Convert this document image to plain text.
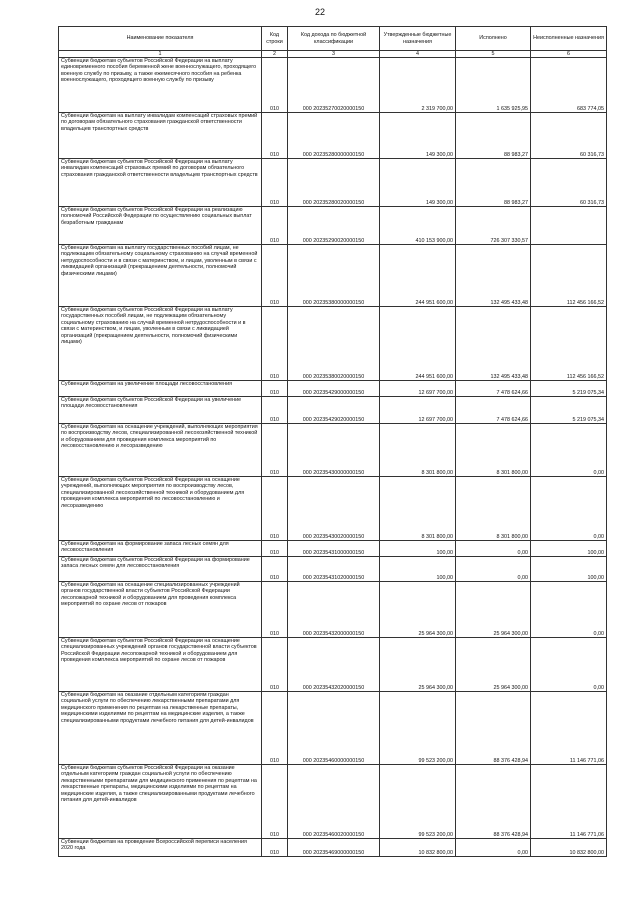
22
Наименование показателя	Код строки	Код дохода по бюджетной классификации	Утвержденные бюджетные назначения	Исполнено	Неисполненные назначения
1	2	3	4	5	6
Субвенции бюджетам субъектов Российской Федерации на выплату единовременного пособия беременной жене военнослужащего, проходящего военную службу по призыву, а также ежемесячного пособия на ребенка военнослужащего, проходящего военную службу по призыву	010	000 20235270020000150	2 319 700,00	1 635 925,95	683 774,05
Субвенции бюджетам на выплату инвалидам компенсаций страховых премий по договорам обязательного страхования гражданской ответственности владельцев транспортных средств	010	000 20235280000000150	149 300,00	88 983,27	60 316,73
Субвенции бюджетам субъектов Российской Федерации на выплату инвалидам компенсаций страховых премий по договорам обязательного страхования гражданской ответственности владельцев транспортных средств	010	000 20235280020000150	149 300,00	88 983,27	60 316,73
Субвенции бюджетам субъектов Российской Федерации на реализацию полномочий Российской Федерации по осуществлению социальных выплат безработным гражданам	010	000 20235290020000150	410 153 900,00	726 307 330,57	
Субвенции бюджетам на выплату государственных пособий лицам, не подлежащим обязательному социальному страхованию на случай временной нетрудоспособности и в связи с материнством, и лицам, уволенным в связи с ликвидацией организаций (прекращением деятельности, полномочий физическими лицами)	010	000 20235380000000150	244 951 600,00	132 495 433,48	112 456 166,52
Субвенции бюджетам субъектов Российской Федерации на выплату государственных пособий лицам, не подлежащим обязательному социальному страхованию на случай временной нетрудоспособности и в связи с материнством, и лицам, уволенным в связи с ликвидацией организаций (прекращением деятельности, полномочий физическими лицами)	010	000 20235380020000150	244 951 600,00	132 495 433,48	112 456 166,52
Субвенции бюджетам на увеличение площади лесовосстановления	010	000 20235429000000150	12 697 700,00	7 478 624,66	5 219 075,34
Субвенции бюджетам субъектов Российской Федерации на увеличение площади лесовосстановления	010	000 20235429020000150	12 697 700,00	7 478 624,66	5 219 075,34
Субвенции бюджетам на оснащение учреждений, выполняющих мероприятия по воспроизводству лесов, специализированной лесохозяйственной техникой и оборудованием для проведения комплекса мероприятий по лесовосстановлению и лесоразведению	010	000 20235430000000150	8 301 800,00	8 301 800,00	0,00
Субвенции бюджетам субъектов Российской Федерации на оснащение учреждений, выполняющих мероприятия по воспроизводству лесов, специализированной лесохозяйственной техникой и оборудованием для проведения комплекса мероприятий по лесовосстановлению и лесоразведению	010	000 20235430020000150	8 301 800,00	8 301 800,00	0,00
Субвенции бюджетам на формирование запаса лесных семян для лесовосстановления	010	000 20235431000000150	100,00	0,00	100,00
Субвенции бюджетам субъектов Российской Федерации на формирование запаса лесных семян для лесовосстановления	010	000 20235431020000150	100,00	0,00	100,00
Субвенции бюджетам на оснащение специализированных учреждений органов государственной власти субъектов Российской Федерации лесопожарной техникой и оборудованием для проведения комплекса мероприятий по охране лесов от пожаров	010	000 20235432000000150	25 964 300,00	25 964 300,00	0,00
Субвенции бюджетам субъектов Российской Федерации на оснащение специализированных учреждений органов государственной власти субъектов Российской Федерации лесопожарной техникой и оборудованием для проведения комплекса мероприятий по охране лесов от пожаров	010	000 20235432020000150	25 964 300,00	25 964 300,00	0,00
Субвенции бюджетам на оказание отдельным категориям граждан социальной услуги по обеспечению лекарственными препаратами для медицинского применения по рецептам на лекарственные препараты, медицинскими изделиями по рецептам на медицинские изделия, а также специализированными продуктами лечебного питания для детей-инвалидов	010	000 20235460000000150	99 523 200,00	88 376 428,94	11 146 771,06
Субвенции бюджетам субъектов Российской Федерации на оказание отдельным категориям граждан социальной услуги по обеспечению лекарственными препаратами для медицинского применения по рецептам на лекарственные препараты, медицинскими изделиями по рецептам на медицинские изделия, а также специализированными продуктами лечебного питания для детей-инвалидов	010	000 20235460020000150	99 523 200,00	88 376 428,94	11 146 771,06
Субвенции бюджетам на проведение Всероссийской переписи населения 2020 года	010	000 20235469000000150	10 832 800,00	0,00	10 832 800,00
